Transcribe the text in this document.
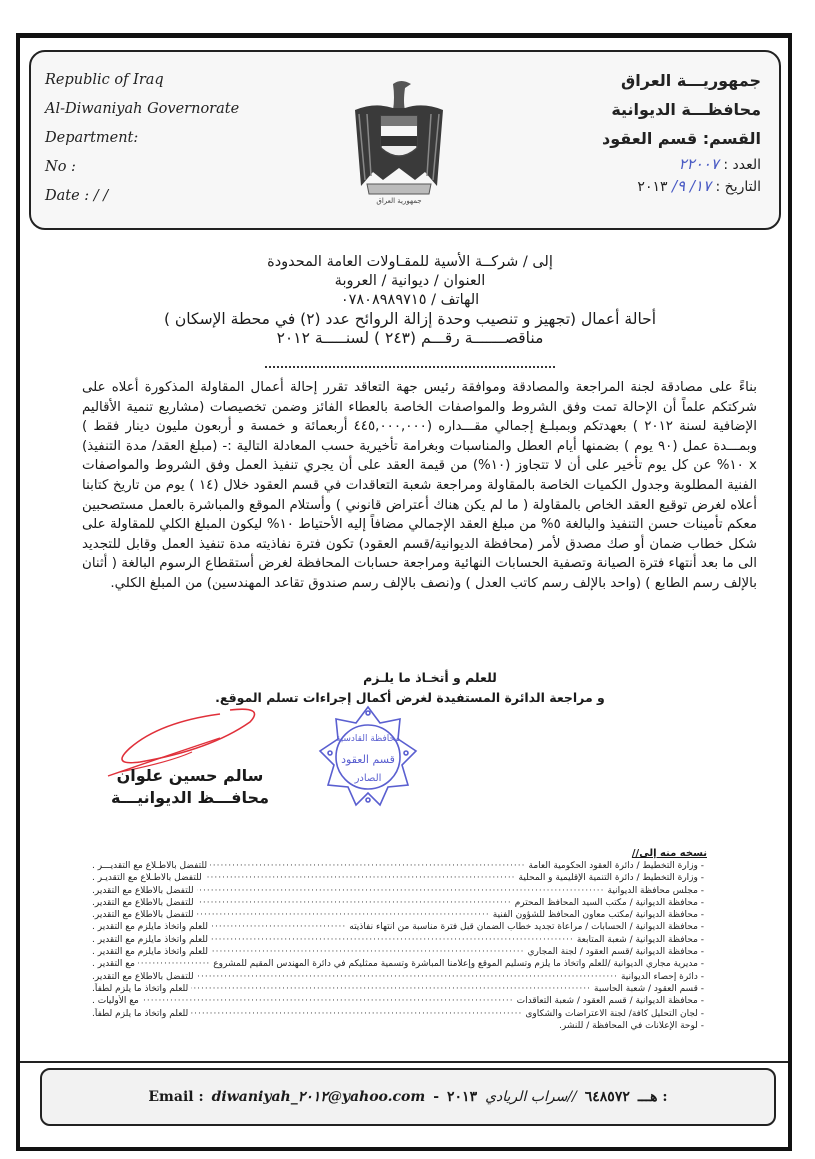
Republic of Iraq
Al-Diwaniyah Governorate
Department:
No :
Date : / /
جمهوريـــة العراق
محافظـــة الديوانية
القسم: قسم العقود
العدد : ٢٢٠٠٧
التاريخ : ١٧/ ٩/ ٢٠١٣
جمهورية العراق
إلى / شركــة الأسية للمقـاولات العامة المحدودة
العنوان / ديوانية / العروبة
الهاتف / ٠٧٨٠٨٩٨٩٧١٥
أحالة أعمال (تجهيز و تنصيب وحدة إزالة الروائح عدد (٢) في محطة الإسكان )
مناقصـــــــة رقـــم (٢٤٣ ) لسنـــــة ٢٠١٢
بناءً على مصادقة لجنة المراجعة والمصادقة وموافقة رئيس جهة التعاقد تقرر إحالة أعمال المقاولة المذكورة أعلاه على شركتكم علماً أن الإحالة تمت وفق الشروط والمواصفات الخاصة بالعطاء الفائز وضمن تخصيصات (مشاريع تنمية الأقاليم الإضافية لسنة ٢٠١٢ ) بعهدتكم وبمبلـغ إجمالي مقـــداره (٤٤٥,٠٠٠,٠٠٠ أربعمائة و خمسة و أربعون مليون دينار فقط ) وبمـــدة عمل (٩٠ يوم ) بضمنها أيام العطل والمناسبات وبغرامة تأخيرية حسب المعادلة التالية :- (مبلغ العقد/ مدة التنفيذ) x ١٠% عن كل يوم تأخير على أن لا تتجاوز (١٠%) من قيمة العقد على أن يجري تنفيذ العمل وفق الشروط والمواصفات الفنية المطلوبة وجدول الكميات الخاصة بالمقاولة ومراجعة شعبة التعاقدات في قسم العقود خلال (١٤ ) يوم من تاريخ كتابنا أعلاه لغرض توقيع العقد الخاص بالمقاولة ( ما لم يكن هناك أعتراض قانوني ) وأستلام الموقع والمباشرة بالعمل مستصحبين معكم تأمينات حسن التنفيذ والبالغة ٥% من مبلغ العقد الإجمالي مضافاً إليه الأحتياط ١٠% ليكون المبلغ الكلي للمقاولة على شكل خطاب ضمان أو صك مصدق لأمر (محافظة الديوانية/قسم العقود) تكون فترة نفاذيته مدة تنفيذ العمل وقابل للتجديد الى ما بعد أنتهاء فترة الصيانة وتصفية الحسابات النهائية ومراجعة حسابات المحافظة لغرض أستقطاع الرسوم البالغة ( أثنان بالإلف رسم الطابع ) (واحد بالإلف رسم كاتب العدل ) و(نصف بالإلف رسم صندوق تقاعد المهندسين) من المبلغ الكلي.
للعلم و أتخـاذ ما يلـزم
و مراجعة الدائرة المستفيدة لغرض أكمال إجراءات تسلم الموقع.
سالم حسين علوان
محافـــظ الديوانيـــة
محافظة القادسية
قسم العقود
الصادر
نسخه منه إلى//
- وزارة التخطيط / دائرة العقود الحكومية العامة
·····
للتفضل بالاطـلاع مع التقديـــر .
- وزارة التخطيط / دائرة التنمية الإقليمية و المحلية
·····
للتفضل بالاطـلاع مع التقديـر .
- مجلس محافظة الديوانية
·····
للتفضل بالاطلاع مع التقدير.
- محافظة الديوانية / مكتب السيد المحافظ المحترم
·····
للتفضل بالاطلاع مع التقدير.
- محافظة الديوانية /مكتب معاون المحافظ للشؤون الفنية
·····
للتفضل بالاطلاع مع التقدير.
- محافظة الديوانية / الحسابات / مراعاة تجديد خطاب الضمان قبل فترة مناسبة من انتهاء نفاذيته
·····
للعلم واتخاذ مايلزم مع التقدير .
- محافظة الديوانية / شعبة المتابعة
·····
للعلم واتخاذ مايلزم مع التقدير .
- محافظة الديوانية /قسم العقود / لجنة المجاري
·····
للعلم واتخاذ مايلزم مع التقدير .
- مديرية مجاري الديوانية /للعلم واتخاذ ما يلزم وتسليم الموقع وإعلامنا المباشرة وتسمية ممثليكم في دائرة المهندس المقيم للمشروع
·····
مع التقدير .
- دائرة إحصاء الديوانية
·····
للتفضل بالاطلاع مع التقدير.
- قسم العقود / شعبة الحاسبة
·····
للعلم واتخاذ ما يلزم لطفاً.
- محافظة الديوانية / قسم العقود / شعبة التعاقدات
·····
مع الأوليات .
- لجان التحليل كافة/ لجنة الاعتراضات والشكاوى
·····
للعلم واتخاذ ما يلزم لطفاً.
- لوحة الإعلانات في المحافظة / للنشر.
Email : diwaniyah_٢٠١٢@yahoo.com - ٢٠١٣ سراب الريادي// ٦٤٨٥٧٢ هـــ :
